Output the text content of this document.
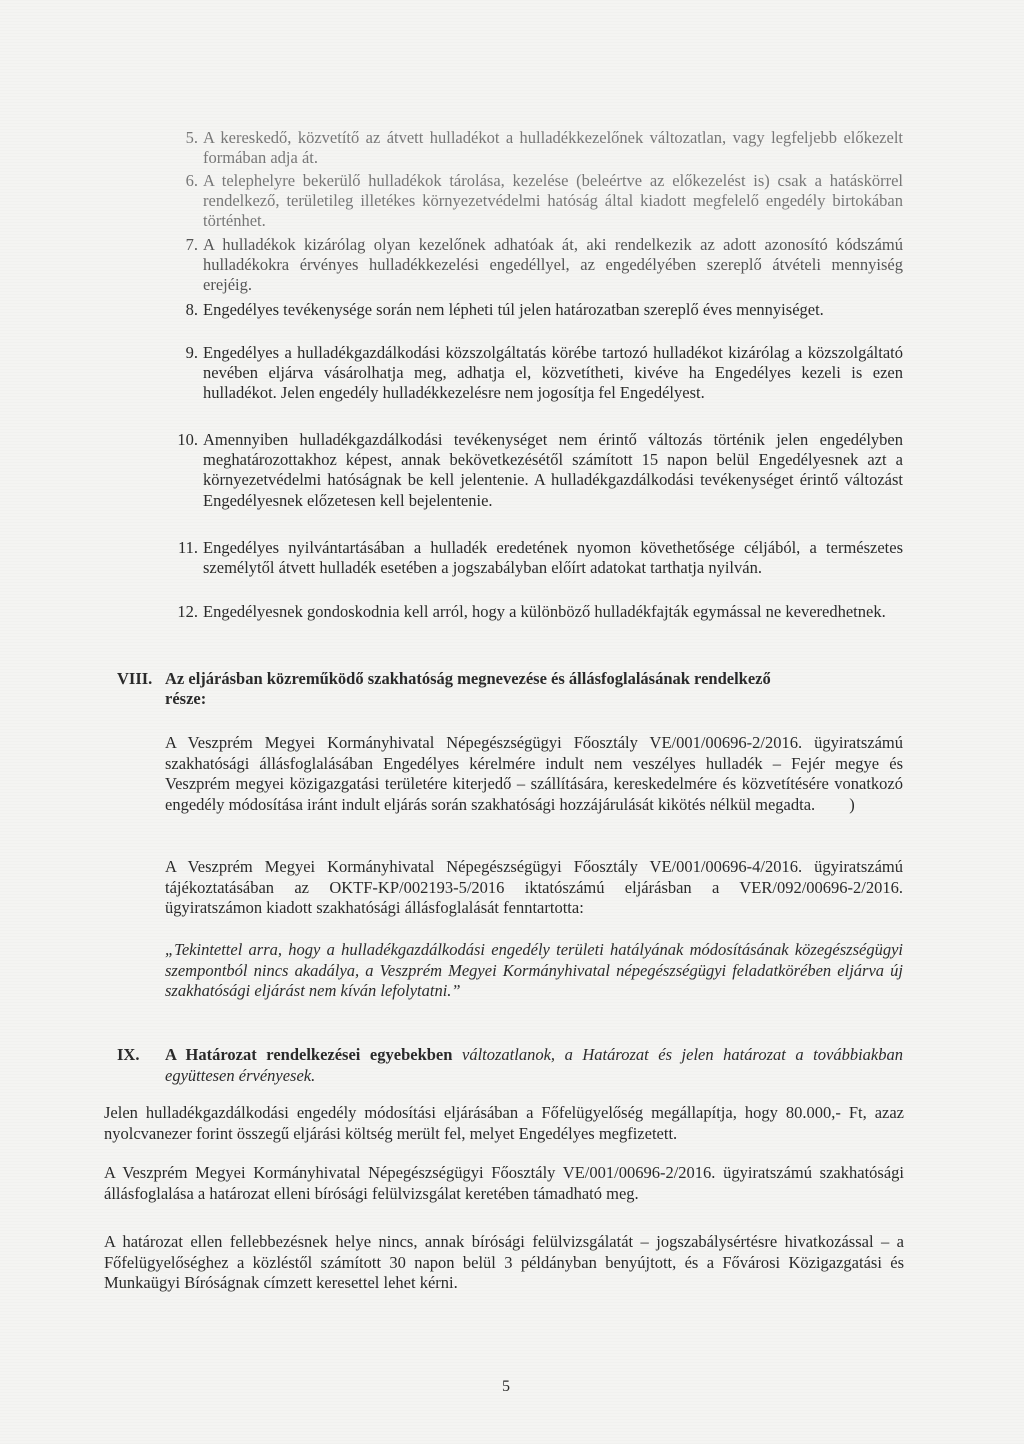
5. A kereskedő, közvetítő az átvett hulladékot a hulladékkezelőnek változatlan, vagy legfeljebb előkezelt formában adja át.
6. A telephelyre bekerülő hulladékok tárolása, kezelése (beleértve az előkezelést is) csak a hatáskörrel rendelkező, területileg illetékes környezetvédelmi hatóság által kiadott megfelelő engedély birtokában történhet.
7. A hulladékok kizárólag olyan kezelőnek adhatóak át, aki rendelkezik az adott azonosító kódszámú hulladékokra érvényes hulladékkezelési engedéllyel, az engedélyében szereplő átvételi mennyiség erejéig.
8. Engedélyes tevékenysége során nem lépheti túl jelen határozatban szereplő éves mennyiséget.
9. Engedélyes a hulladékgazdálkodási közszolgáltatás körébe tartozó hulladékot kizárólag a közszolgáltató nevében eljárva vásárolhatja meg, adhatja el, közvetítheti, kivéve ha Engedélyes kezeli is ezen hulladékot. Jelen engedély hulladékkezelésre nem jogosítja fel Engedélyest.
10. Amennyiben hulladékgazdálkodási tevékenységet nem érintő változás történik jelen engedélyben meghatározottakhoz képest, annak bekövetkezésétől számított 15 napon belül Engedélyesnek azt a környezetvédelmi hatóságnak be kell jelentenie. A hulladékgazdálkodási tevékenységet érintő változást Engedélyesnek előzetesen kell bejelentenie.
11. Engedélyes nyilvántartásában a hulladék eredetének nyomon követhetősége céljából, a természetes személytől átvett hulladék esetében a jogszabályban előírt adatokat tarthatja nyilván.
12. Engedélyesnek gondoskodnia kell arról, hogy a különböző hulladékfajták egymással ne keveredhetnek.
VIII. Az eljárásban közreműködő szakhatóság megnevezése és állásfoglalásának rendelkező
része:
A Veszprém Megyei Kormányhivatal Népegészségügyi Főosztály VE/001/00696-2/2016. ügyiratszámú szakhatósági állásfoglalásában Engedélyes kérelmére indult nem veszélyes hulladék – Fejér megye és Veszprém megyei közigazgatási területére kiterjedő – szállítására, kereskedelmére és közvetítésére vonatkozó engedély módosítása iránt indult eljárás során szakhatósági hozzájárulását kikötés nélkül megadta. )
A Veszprém Megyei Kormányhivatal Népegészségügyi Főosztály VE/001/00696-4/2016. ügyiratszámú tájékoztatásában az OKTF-KP/002193-5/2016 iktatószámú eljárásban a VER/092/00696-2/2016. ügyiratszámon kiadott szakhatósági állásfoglalását fenntartotta:
„Tekintettel arra, hogy a hulladékgazdálkodási engedély területi hatályának módosításának közegészségügyi szempontból nincs akadálya, a Veszprém Megyei Kormányhivatal népegészségügyi feladatkörében eljárva új szakhatósági eljárást nem kíván lefolytatni.”
IX. A Határozat rendelkezései egyebekben változatlanok, a Határozat és jelen határozat a továbbiakban együttesen érvényesek.
Jelen hulladékgazdálkodási engedély módosítási eljárásában a Főfelügyelőség megállapítja, hogy 80.000,- Ft, azaz nyolcvanezer forint összegű eljárási költség merült fel, melyet Engedélyes megfizetett.
A Veszprém Megyei Kormányhivatal Népegészségügyi Főosztály VE/001/00696-2/2016. ügyiratszámú szakhatósági állásfoglalása a határozat elleni bírósági felülvizsgálat keretében támadható meg.
A határozat ellen fellebbezésnek helye nincs, annak bírósági felülvizsgálatát – jogszabálysértésre hivatkozással – a Főfelügyelőséghez a közléstől számított 30 napon belül 3 példányban benyújtott, és a Fővárosi Közigazgatási és Munkaügyi Bíróságnak címzett keresettel lehet kérni.
5
